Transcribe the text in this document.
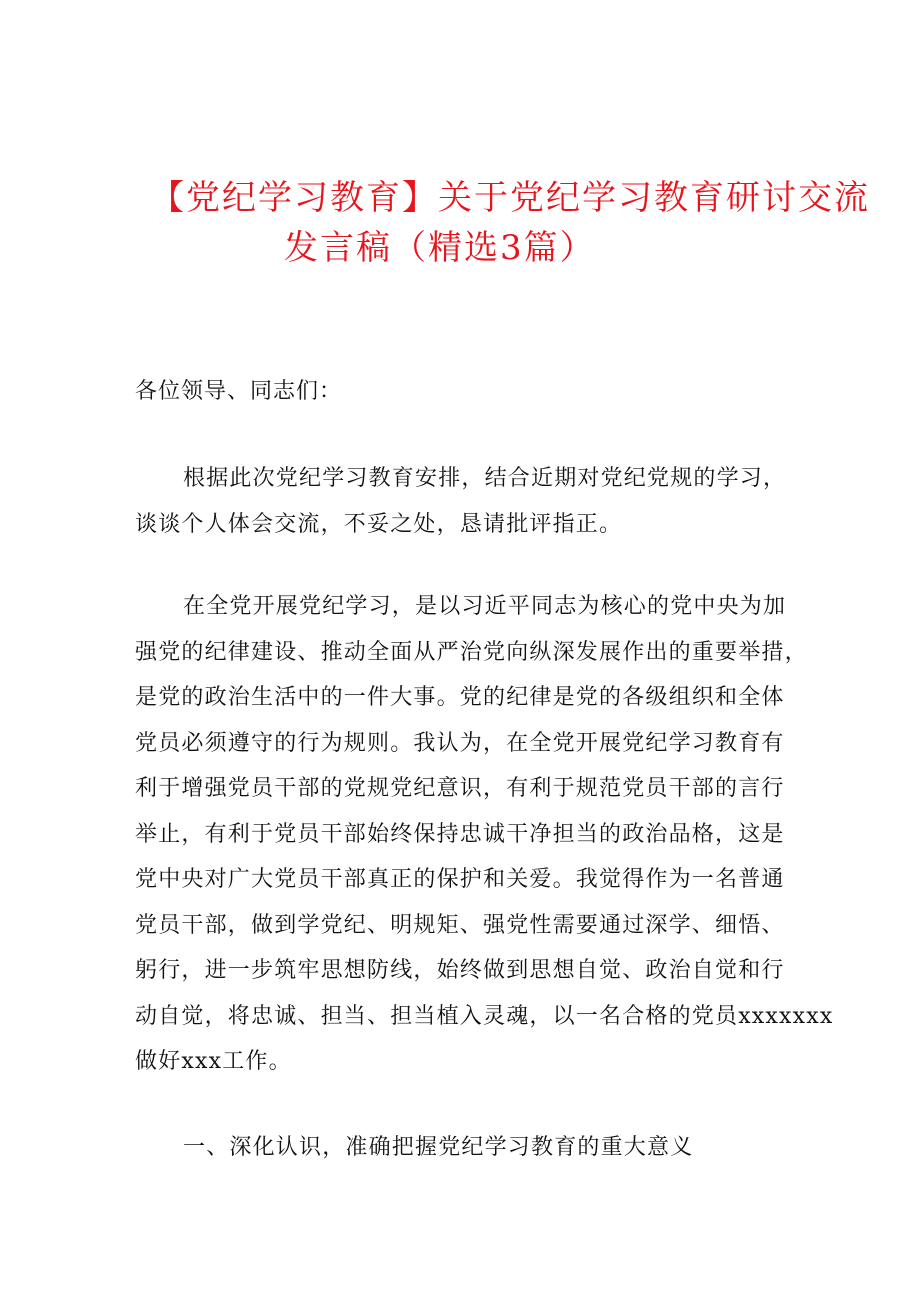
【党纪学习教育】关于党纪学习教育研讨交流
发言稿（精选3篇）
各位领导、同志们：

根据此次党纪学习教育安排，结合近期对党纪党规的学习，
谈谈个人体会交流，不妥之处，恳请批评指正。

在全党开展党纪学习，是以习近平同志为核心的党中央为加
强党的纪律建设、推动全面从严治党向纵深发展作出的重要举措，
是党的政治生活中的一件大事。党的纪律是党的各级组织和全体
党员必须遵守的行为规则。我认为，在全党开展党纪学习教育有
利于增强党员干部的党规党纪意识，有利于规范党员干部的言行
举止，有利于党员干部始终保持忠诚干净担当的政治品格，这是
党中央对广大党员干部真正的保护和关爱。我觉得作为一名普通
党员干部，做到学党纪、明规矩、强党性需要通过深学、细悟、
躬行，进一步筑牢思想防线，始终做到思想自觉、政治自觉和行
动自觉，将忠诚、担当、担当植入灵魂，以一名合格的党员xxxxxxx
做好xxx工作。

一、深化认识，准确把握党纪学习教育的重大意义
